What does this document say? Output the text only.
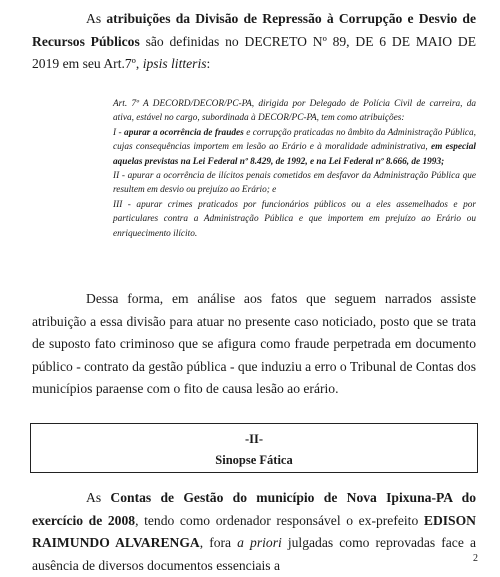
As atribuições da Divisão de Repressão à Corrupção e Desvio de Recursos Públicos são definidas no DECRETO Nº 89, DE 6 DE MAIO DE 2019 em seu Art.7º, ipsis litteris:
Art. 7º A DECORD/DECOR/PC-PA, dirigida por Delegado de Polícia Civil de carreira, da ativa, estável no cargo, subordinada à DECOR/PC-PA, tem como atribuições:
I - apurar a ocorrência de fraudes e corrupção praticadas no âmbito da Administração Pública, cujas consequências importem em lesão ao Erário e à moralidade administrativa, em especial aquelas previstas na Lei Federal nº 8.429, de 1992, e na Lei Federal nº 8.666, de 1993;
II - apurar a ocorrência de ilícitos penais cometidos em desfavor da Administração Pública que resultem em desvio ou prejuízo ao Erário; e
III - apurar crimes praticados por funcionários públicos ou a eles assemelhados e por particulares contra a Administração Pública e que importem em prejuízo ao Erário ou enriquecimento ilícito.
Dessa forma, em análise aos fatos que seguem narrados assiste atribuição a essa divisão para atuar no presente caso noticiado, posto que se trata de suposto fato criminoso que se afigura como fraude perpetrada em documento público - contrato da gestão pública - que induziu a erro o Tribunal de Contas dos municípios paraense com o fito de causa lesão ao erário.
-II-
Sinopse Fática
As Contas de Gestão do município de Nova Ipixuna-PA do exercício de 2008, tendo como ordenador responsável o ex-prefeito EDISON RAIMUNDO ALVARENGA, fora a priori julgadas como reprovadas face a ausência de diversos documentos essenciais a	2
